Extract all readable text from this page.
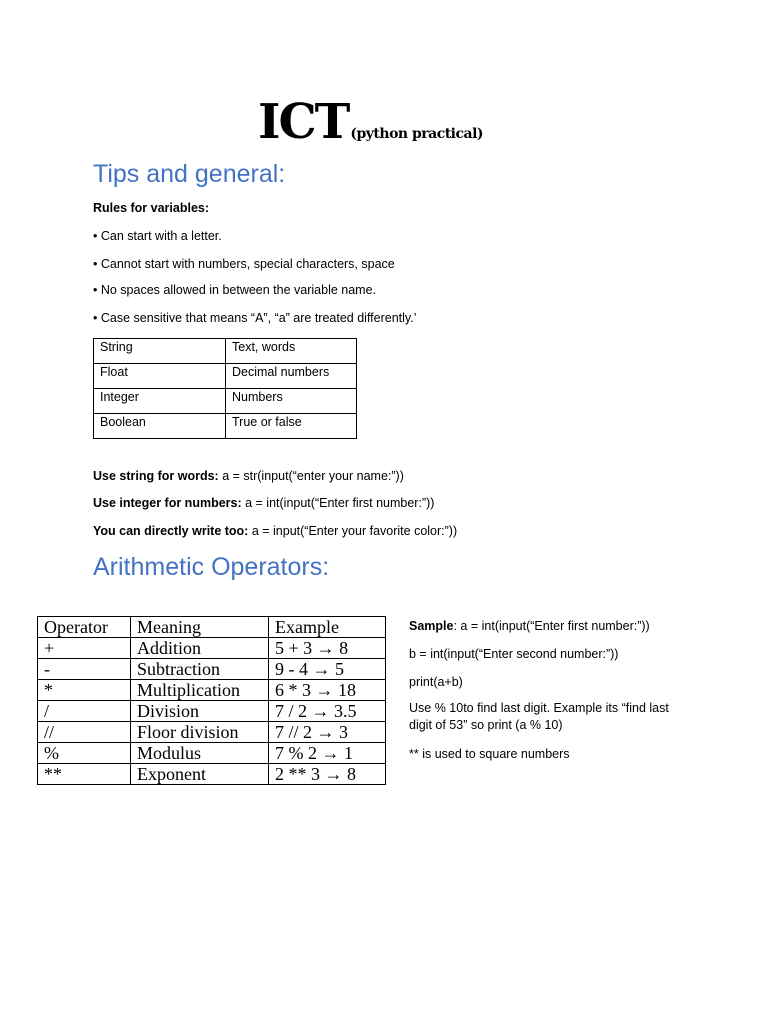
ICT (python practical)
Tips and general:
Rules for variables:
• Can start with a letter.
• Cannot start with numbers, special characters, space
• No spaces allowed in between the variable name.
• Case sensitive that means “A”, “a” are treated differently.’
String	Text, words
Float	Decimal numbers
Integer	Numbers
Boolean	True or false
Use string for words: a = str(input(“enter your name:”))
Use integer for numbers: a = int(input(“Enter first number:”))
You can directly write too: a = input(“Enter your favorite color:”))
Arithmetic Operators:
Operator	Meaning	Example
+	Addition	5 + 3 → 8
-	Subtraction	9 - 4 → 5
*	Multiplication	6 * 3 → 18
/	Division	7 / 2 → 3.5
//	Floor division	7 // 2 → 3
%	Modulus	7 % 2 → 1
**	Exponent	2 ** 3 → 8
Sample: a = int(input(“Enter first number:”))
b = int(input(“Enter second number:”))
print(a+b)
Use % 10to find last digit. Example its “find last digit of 53” so print (a % 10)
** is used to square numbers
